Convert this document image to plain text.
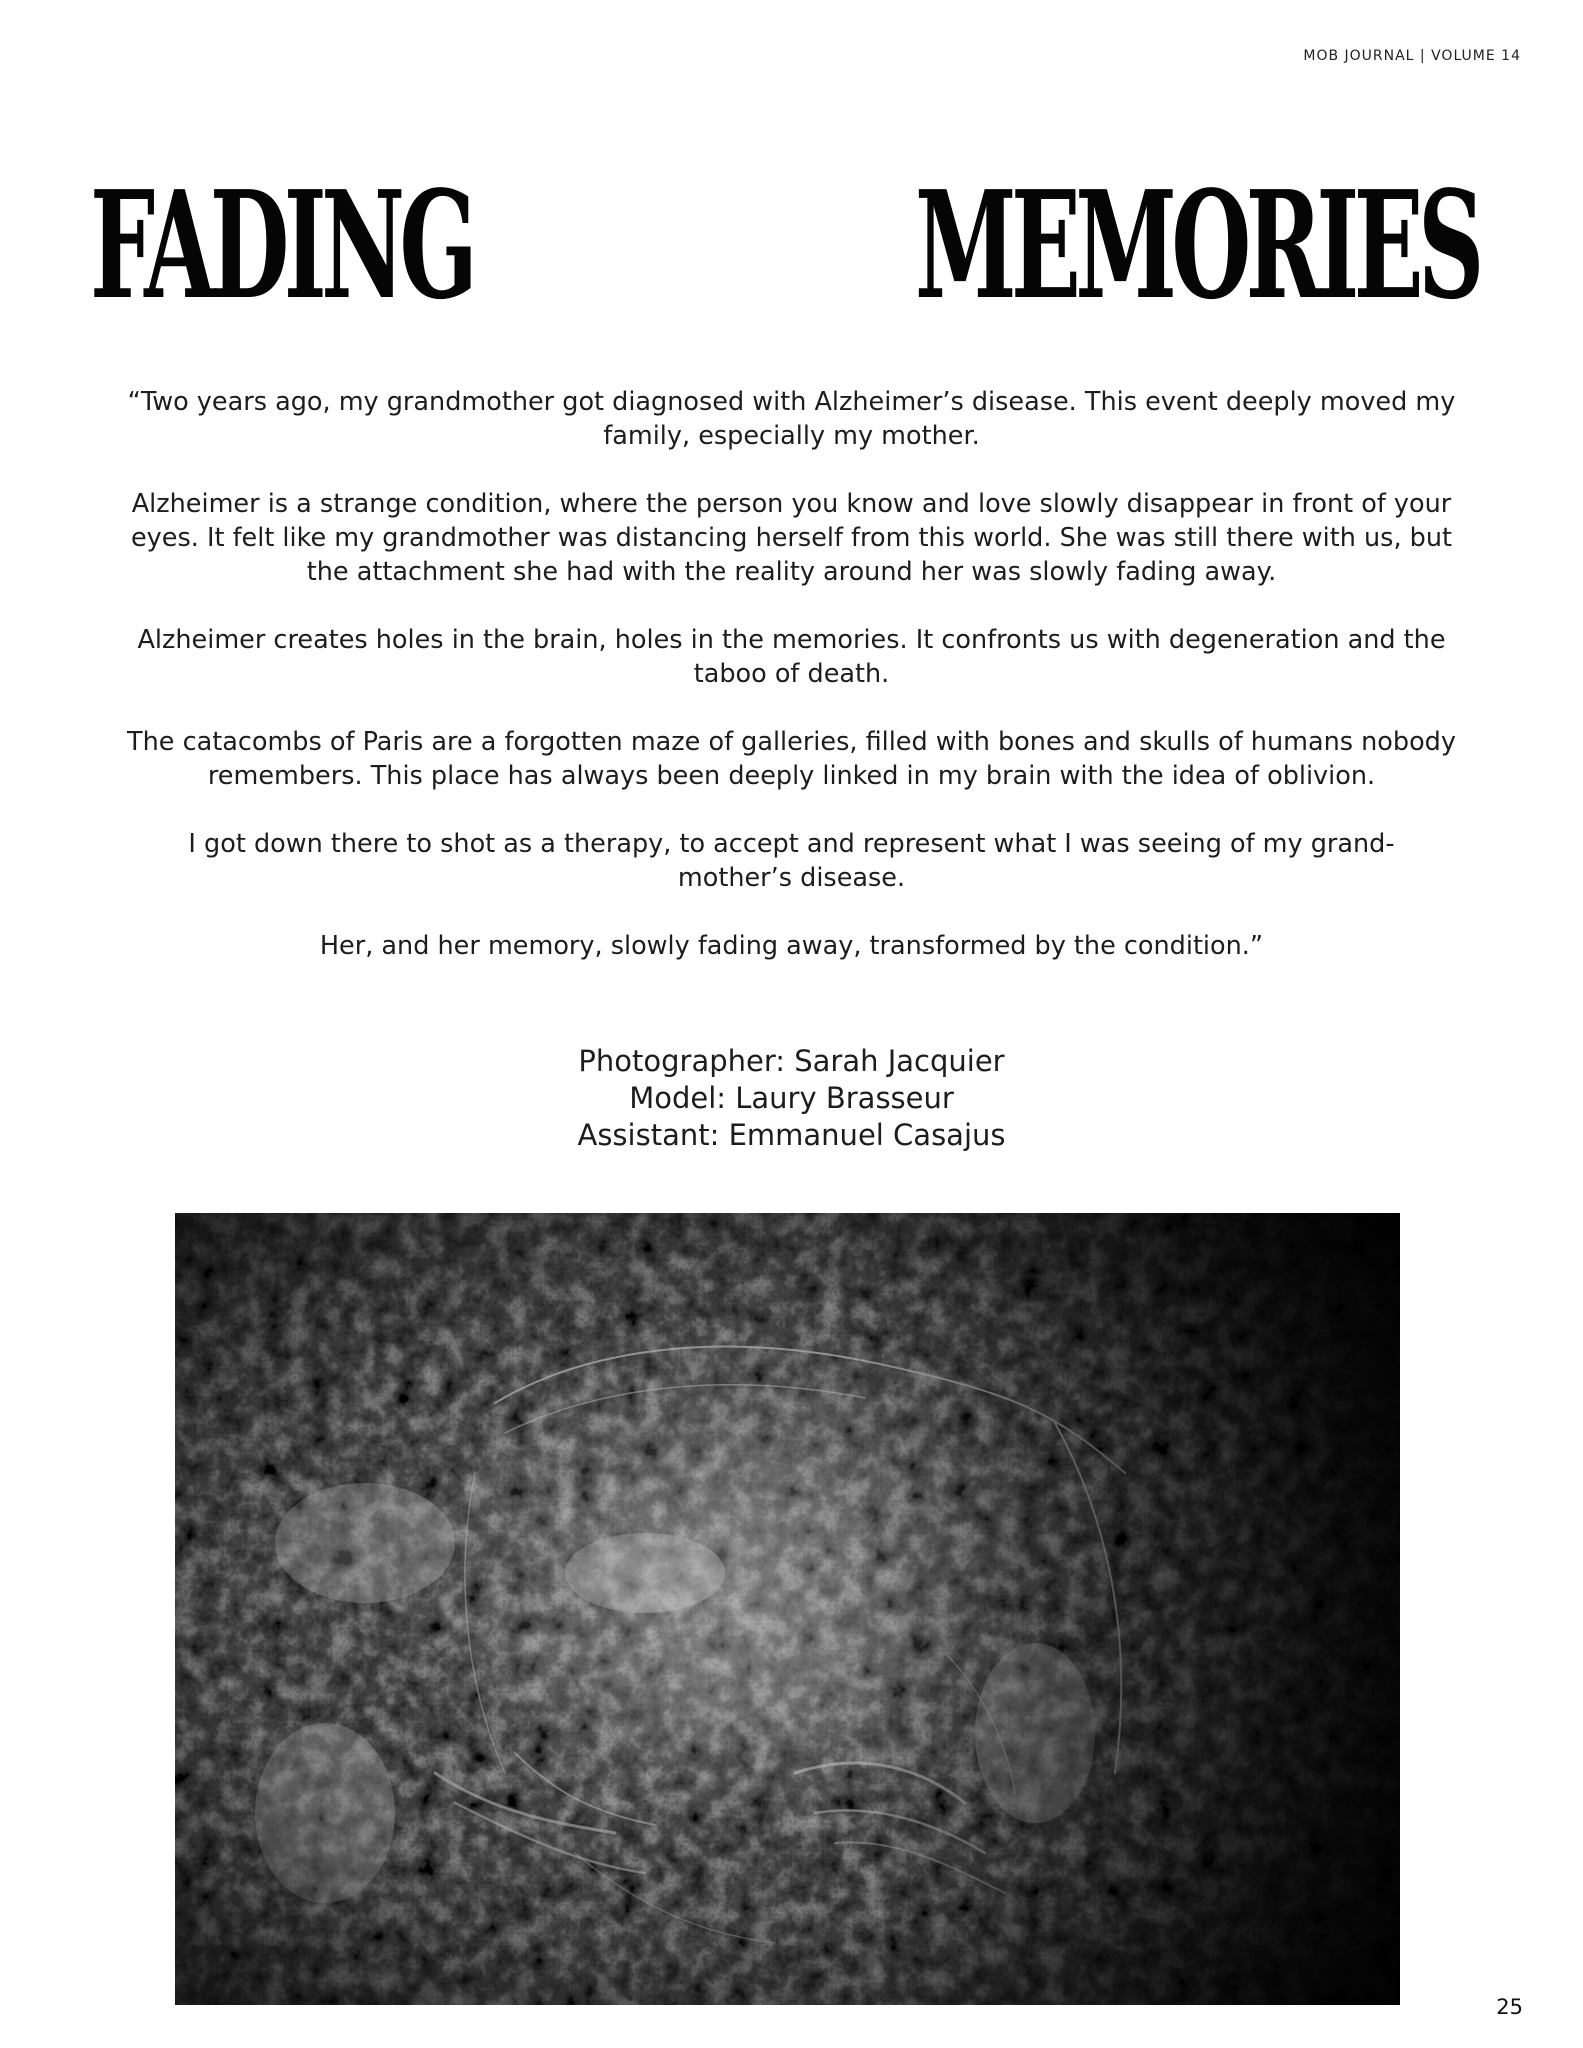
MOB JOURNAL | VOLUME 14
FADING	MEMORIES

“Two years ago, my grandmother got diagnosed with Alzheimer’s disease. This event deeply moved my family, especially my mother.

Alzheimer is a strange condition, where the person you know and love slowly disappear in front of your eyes. It felt like my grandmother was distancing herself from this world. She was still there with us, but the attachment she had with the reality around her was slowly fading away.

Alzheimer creates holes in the brain, holes in the memories. It confronts us with degeneration and the taboo of death.

The catacombs of Paris are a forgotten maze of galleries, filled with bones and skulls of humans nobody remembers. This place has always been deeply linked in my brain with the idea of oblivion.

I got down there to shot as a therapy, to accept and represent what I was seeing of my grand-mother’s disease.

Her, and her memory, slowly fading away, transformed by the condition.”

Photographer: Sarah Jacquier
Model: Laury Brasseur
Assistant: Emmanuel Casajus
25
